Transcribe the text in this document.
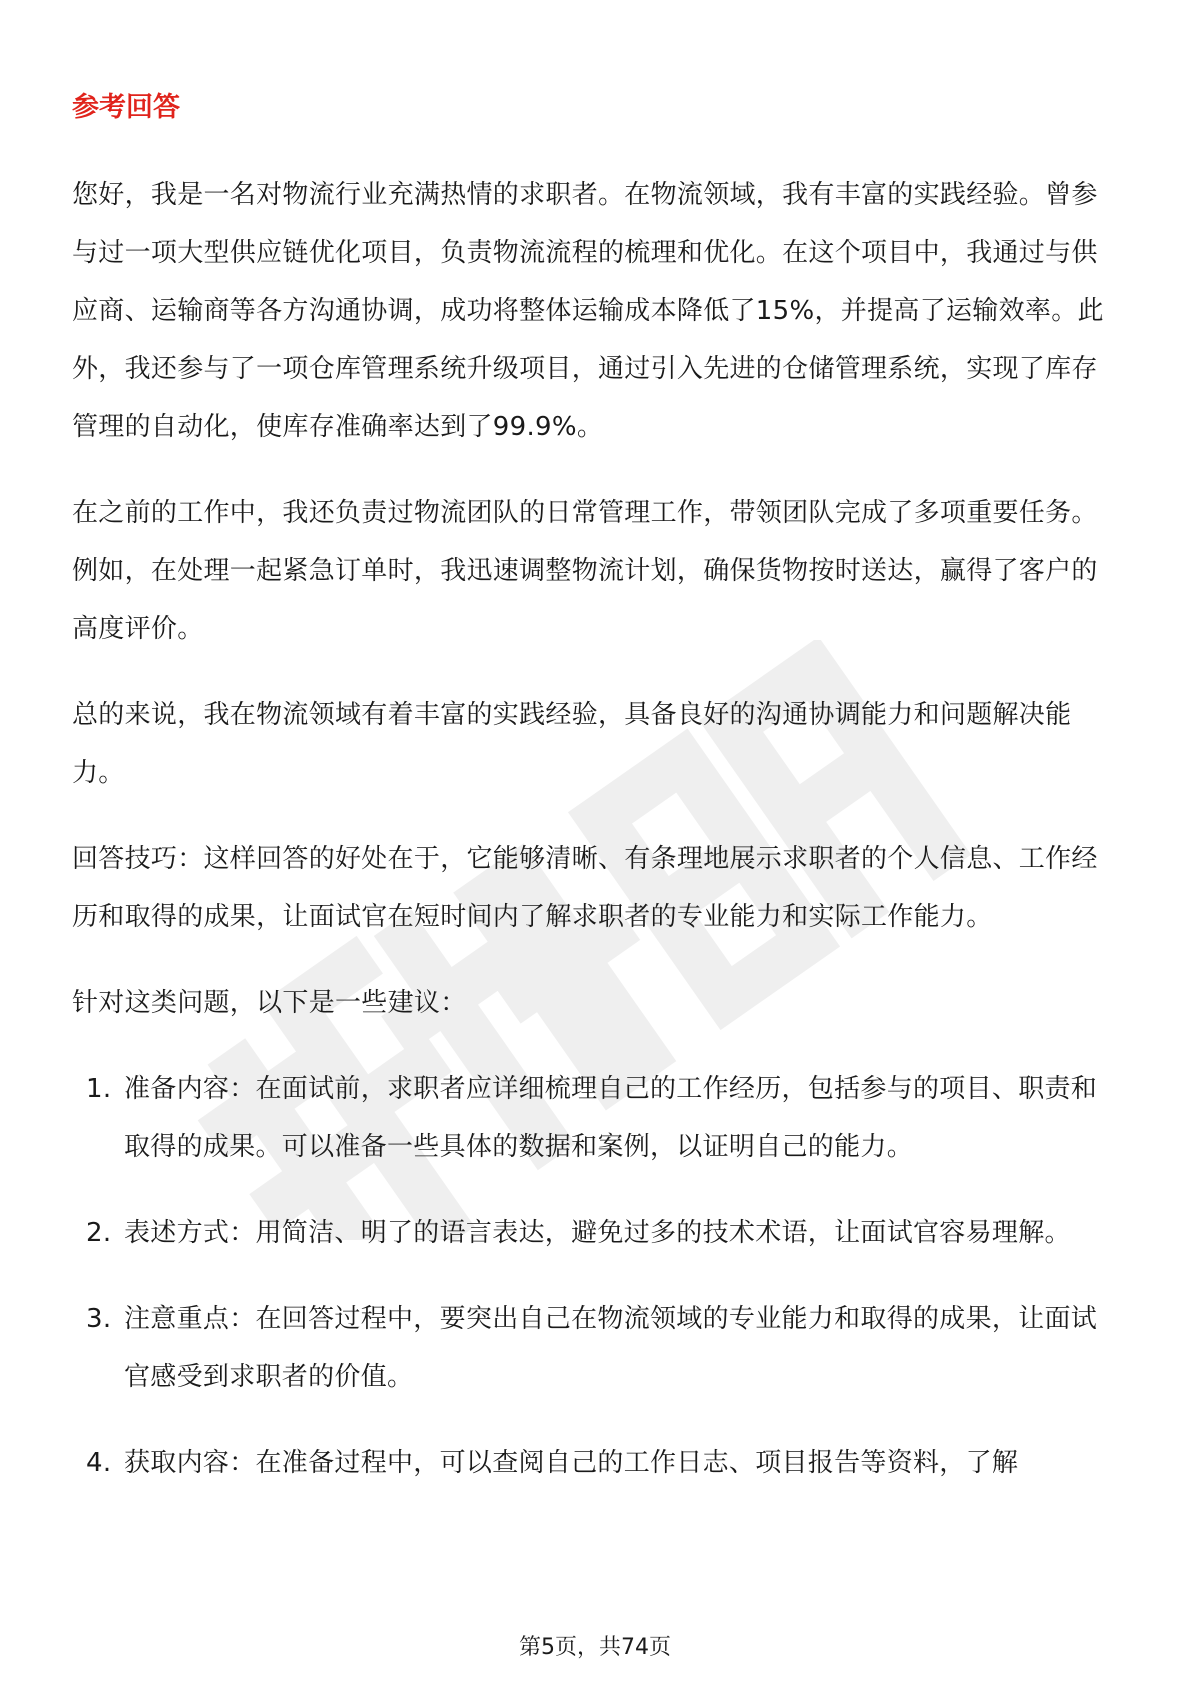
参考回答

您好，我是一名对物流行业充满热情的求职者。在物流领域，我有丰富的实践经验。曾参与过一项大型供应链优化项目，负责物流流程的梳理和优化。在这个项目中，我通过与供应商、运输商等各方沟通协调，成功将整体运输成本降低了15%，并提高了运输效率。此外，我还参与了一项仓库管理系统升级项目，通过引入先进的仓储管理系统，实现了库存管理的自动化，使库存准确率达到了99.9%。

在之前的工作中，我还负责过物流团队的日常管理工作，带领团队完成了多项重要任务。例如，在处理一起紧急订单时，我迅速调整物流计划，确保货物按时送达，赢得了客户的高度评价。

总的来说，我在物流领域有着丰富的实践经验，具备良好的沟通协调能力和问题解决能力。

回答技巧：这样回答的好处在于，它能够清晰、有条理地展示求职者的个人信息、工作经历和取得的成果，让面试官在短时间内了解求职者的专业能力和实际工作能力。

针对这类问题，以下是一些建议：

1. 准备内容：在面试前，求职者应详细梳理自己的工作经历，包括参与的项目、职责和取得的成果。可以准备一些具体的数据和案例，以证明自己的能力。
2. 表述方式：用简洁、明了的语言表达，避免过多的技术术语，让面试官容易理解。
3. 注意重点：在回答过程中，要突出自己在物流领域的专业能力和取得的成果，让面试官感受到求职者的价值。
4. 获取内容：在准备过程中，可以查阅自己的工作日志、项目报告等资料，了解
第5页，共74页
